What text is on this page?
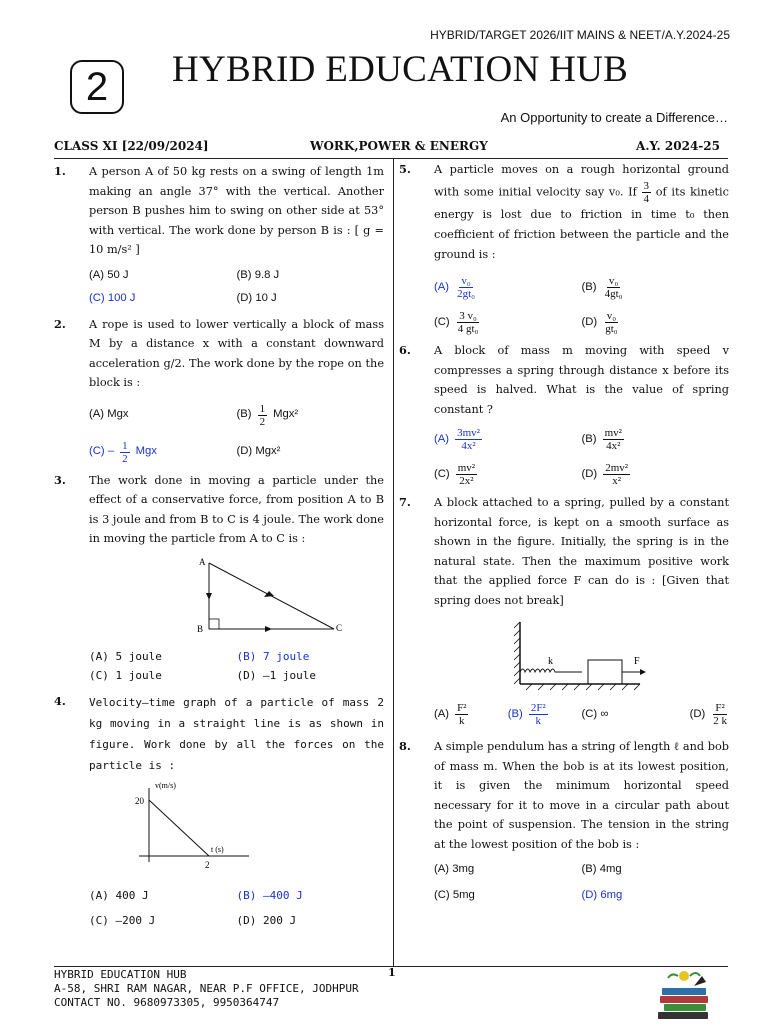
HYBRID/TARGET 2026/IIT MAINS & NEET/A.Y.2024-25
2	HYBRID EDUCATION HUB
An Opportunity to create a Difference…
CLASS XI [22/09/2024]	WORK,POWER & ENERGY	A.Y. 2024-25
1. A person A of 50 kg rests on a swing of length 1m making an angle 37° with the vertical. Another person B pushes him to swing on other side at 53° with vertical. The work done by person B is : [ g = 10 m/s² ]
(A) 50 J	(B) 9.8 J
(C) 100 J	(D) 10 J
2. A rope is used to lower vertically a block of mass M by a distance x with a constant downward acceleration g/2. The work done by the rope on the block is :
(A) Mgx	$(B) \frac{1}{2} Mgx^2$
$(C) - \frac{1}{2}$ Mgx	(D) Mgx²
3. The work done in moving a particle under the effect of a conservative force, from position A to B is 3 joule and from B to C is 4 joule. The work done in moving the particle from A to C is :
A
B	C
(A) 5 joule	(B) 7 joule
(C) 1 joule	(D) –1 joule
4. Velocity–time graph of a particle of mass 2 kg moving in a straight line is as shown in figure. Work done by all the forces on the particle is :
v(m/s)
t (s)
20
2
(A) 400 J	(B) –400 J
(C) –200 J	(D) 200 J
5. A particle moves on a rough horizontal ground with some initial velocity say v₀. If $\frac{3}{4}$ of its kinetic energy is lost due to friction in time t₀ then coefficient of friction between the particle and the ground is :
$(A) \frac{\text{v₀}}{\text{2gt₀}}$	$(B) \frac{\text{v₀}}{\text{4gt₀}}$
$(C) \frac{\text{3 v₀}}{\text{4 gt₀}}$	$(D) \frac{\text{v₀}}{\text{gt₀}}$
6. A block of mass m moving with speed v compresses a spring through distance x before its speed is halved. What is the value of spring constant ?
$(A) \frac{\text{3mv²}}{\text{4x²}}$	$(B) \frac{\text{mv²}}{\text{4x²}}$
$(C) \frac{\text{mv²}}{\text{2x²}}$	$(D) \frac{\text{2mv²}}{\text{x²}}$
7. A block attached to a spring, pulled by a constant horizontal force, is kept on a smooth surface as shown in the figure. Initially, the spring is in the natural state. Then the maximum positive work that the applied force F can do is : [Given that spring does not break]
k	F
$(A) \frac{\text{F²}}{k}$	$(B) \frac{\text{2F²}}{k}$	(C) ∞	$(D) \frac{\text{F²}}{2 k}$
8. A simple pendulum has a string of length ℓ and bob of mass m. When the bob is at its lowest position, it is given the minimum horizontal speed necessary for it to move in a circular path about the point of suspension. The tension in the string at the lowest position of the bob is :
(A) 3mg	(B) 4mg
(C) 5mg	(D) 6mg
1
HYBRID EDUCATION HUB
A-58, SHRI RAM NAGAR, NEAR P.F OFFICE, JODHPUR
CONTACT NO. 9680973305, 9950364747
